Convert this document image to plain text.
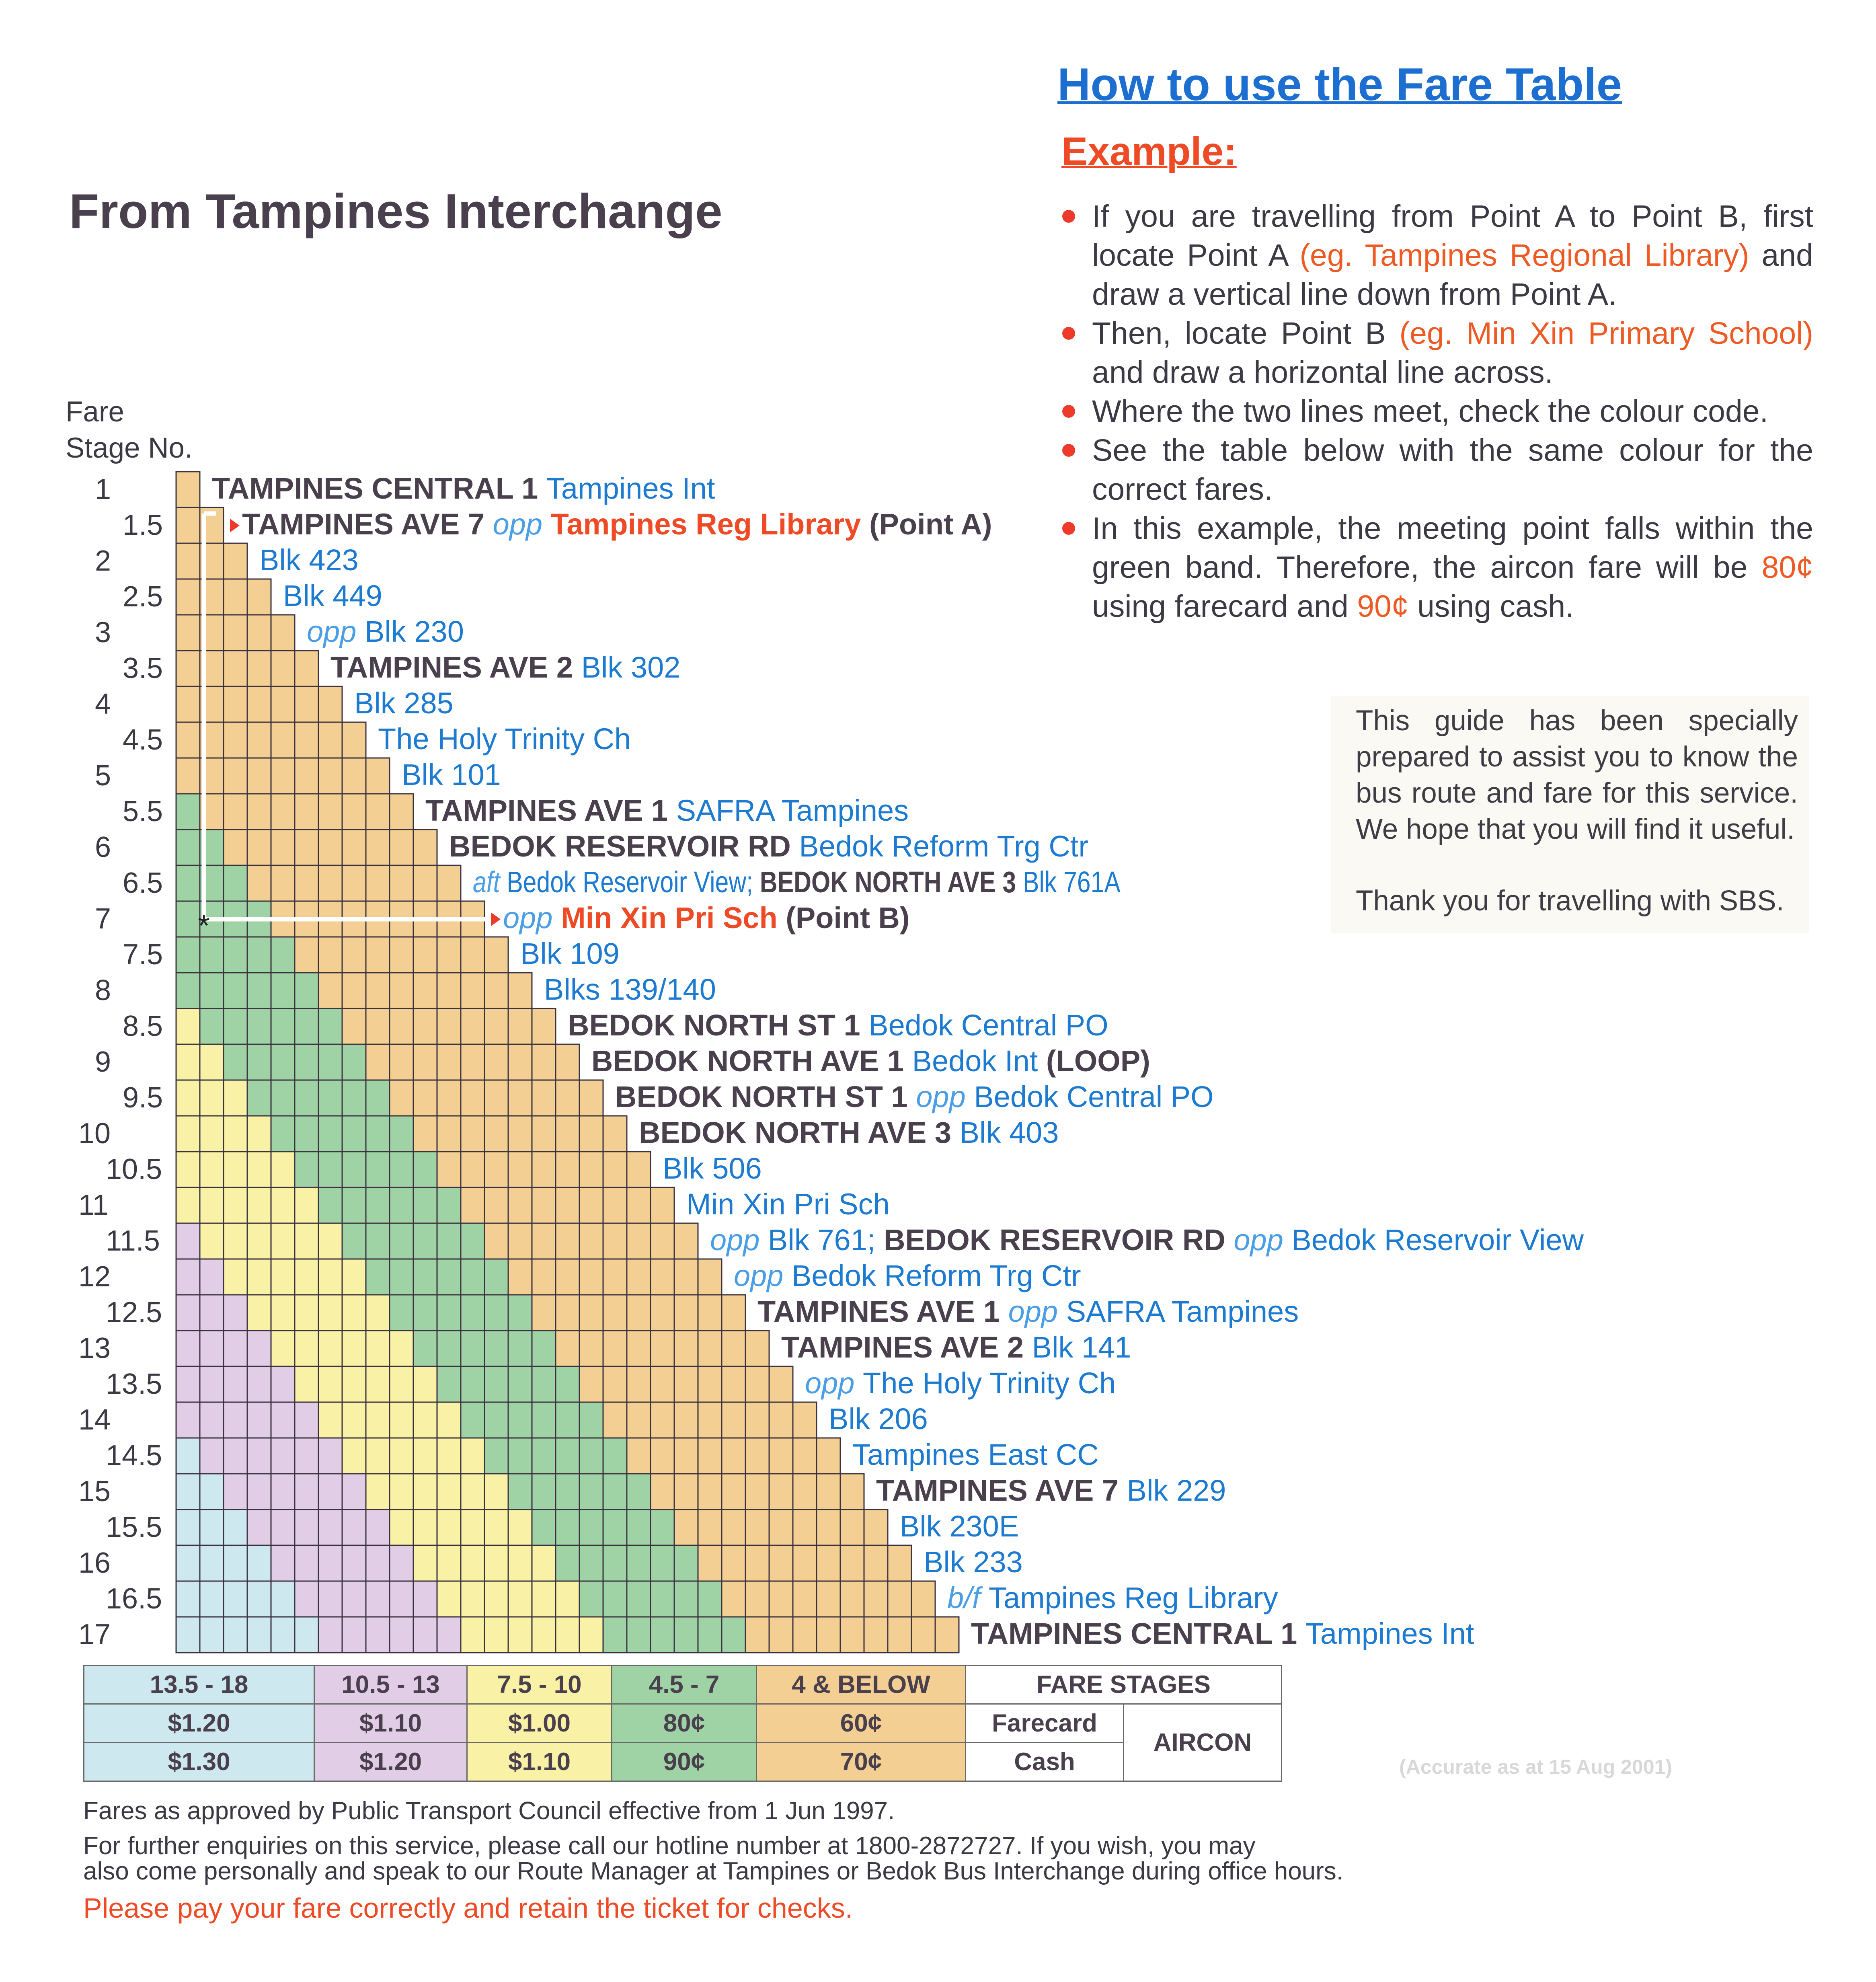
From Tampines Interchange
How to use the Fare Table
Example:
If you are travelling from Point A to Point B, first locate Point A (eg. Tampines Regional Library) and draw a vertical line down from Point A.
Then, locate Point B (eg. Min Xin Primary School) and draw a horizontal line across.
Where the two lines meet, check the colour code.
See the table below with the same colour for the correct fares.
In this example, the meeting point falls within the green band. Therefore, the aircon fare will be 80¢ using farecard and 90¢ using cash.
This guide has been specially prepared to assist you to know the bus route and fare for this service. We hope that you will find it useful.
Thank you for travelling with SBS.
Fare
Stage No.
*
1	TAMPINES CENTRAL 1 Tampines Int
1.5	TAMPINES AVE 7 opp Tampines Reg Library (Point A)
2	Blk 423
2.5	Blk 449
3	opp Blk 230
3.5	TAMPINES AVE 2 Blk 302
4	Blk 285
4.5	The Holy Trinity Ch
5	Blk 101
5.5	TAMPINES AVE 1 SAFRA Tampines
6	BEDOK RESERVOIR RD Bedok Reform Trg Ctr
6.5	aft Bedok Reservoir View; BEDOK NORTH AVE 3 Blk 761A
7	opp Min Xin Pri Sch (Point B)
7.5	Blk 109
8	Blks 139/140
8.5	BEDOK NORTH ST 1 Bedok Central PO
9	BEDOK NORTH AVE 1 Bedok Int (LOOP)
9.5	BEDOK NORTH ST 1 opp Bedok Central PO
10	BEDOK NORTH AVE 3 Blk 403
10.5	Blk 506
11	Min Xin Pri Sch
11.5	opp Blk 761; BEDOK RESERVOIR RD opp Bedok Reservoir View
12	opp Bedok Reform Trg Ctr
12.5	TAMPINES AVE 1 opp SAFRA Tampines
13	TAMPINES AVE 2 Blk 141
13.5	opp The Holy Trinity Ch
14	Blk 206
14.5	Tampines East CC
15	TAMPINES AVE 7 Blk 229
15.5	Blk 230E
16	Blk 233
16.5	b/f Tampines Reg Library
17	TAMPINES CENTRAL 1 Tampines Int
13.5 - 18	10.5 - 13	7.5 - 10	4.5 - 7	4 & BELOW	FARE STAGES	
$1.20	$1.10	$1.00	80¢	60¢	Farecard	AIRCON
$1.30	$1.20	$1.10	90¢	70¢	Cash		(Accurate as at 15 Aug 2001)
Fares as approved by Public Transport Council effective from 1 Jun 1997.
For further enquiries on this service, please call our hotline number at 1800-2872727. If you wish, you may
also come personally and speak to our Route Manager at Tampines or Bedok Bus Interchange during office hours.
Please pay your fare correctly and retain the ticket for checks.
